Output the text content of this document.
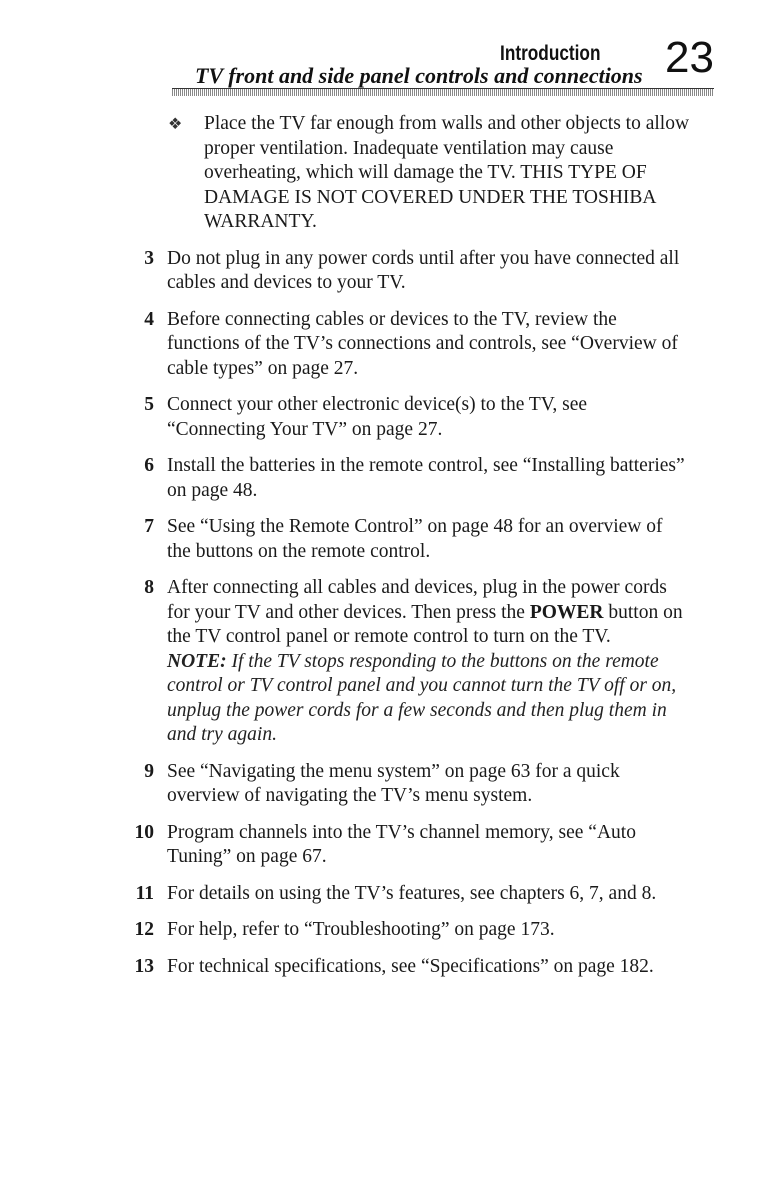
Introduction 23
TV front and side panel controls and connections
❖ Place the TV far enough from walls and other objects to allow proper ventilation. Inadequate ventilation may cause overheating, which will damage the TV. THIS TYPE OF DAMAGE IS NOT COVERED UNDER THE TOSHIBA WARRANTY.
3 Do not plug in any power cords until after you have connected all cables and devices to your TV.
4 Before connecting cables or devices to the TV, review the functions of the TV’s connections and controls, see “Overview of cable types” on page 27.
5 Connect your other electronic device(s) to the TV, see “Connecting Your TV” on page 27.
6 Install the batteries in the remote control, see “Installing batteries” on page 48.
7 See “Using the Remote Control” on page 48 for an overview of the buttons on the remote control.
8 After connecting all cables and devices, plug in the power cords for your TV and other devices. Then press the POWER button on the TV control panel or remote control to turn on the TV.
NOTE: If the TV stops responding to the buttons on the remote control or TV control panel and you cannot turn the TV off or on, unplug the power cords for a few seconds and then plug them in and try again.
9 See “Navigating the menu system” on page 63 for a quick overview of navigating the TV’s menu system.
10 Program channels into the TV’s channel memory, see “Auto Tuning” on page 67.
11 For details on using the TV’s features, see chapters 6, 7, and 8.
12 For help, refer to “Troubleshooting” on page 173.
13 For technical specifications, see “Specifications” on page 182.
